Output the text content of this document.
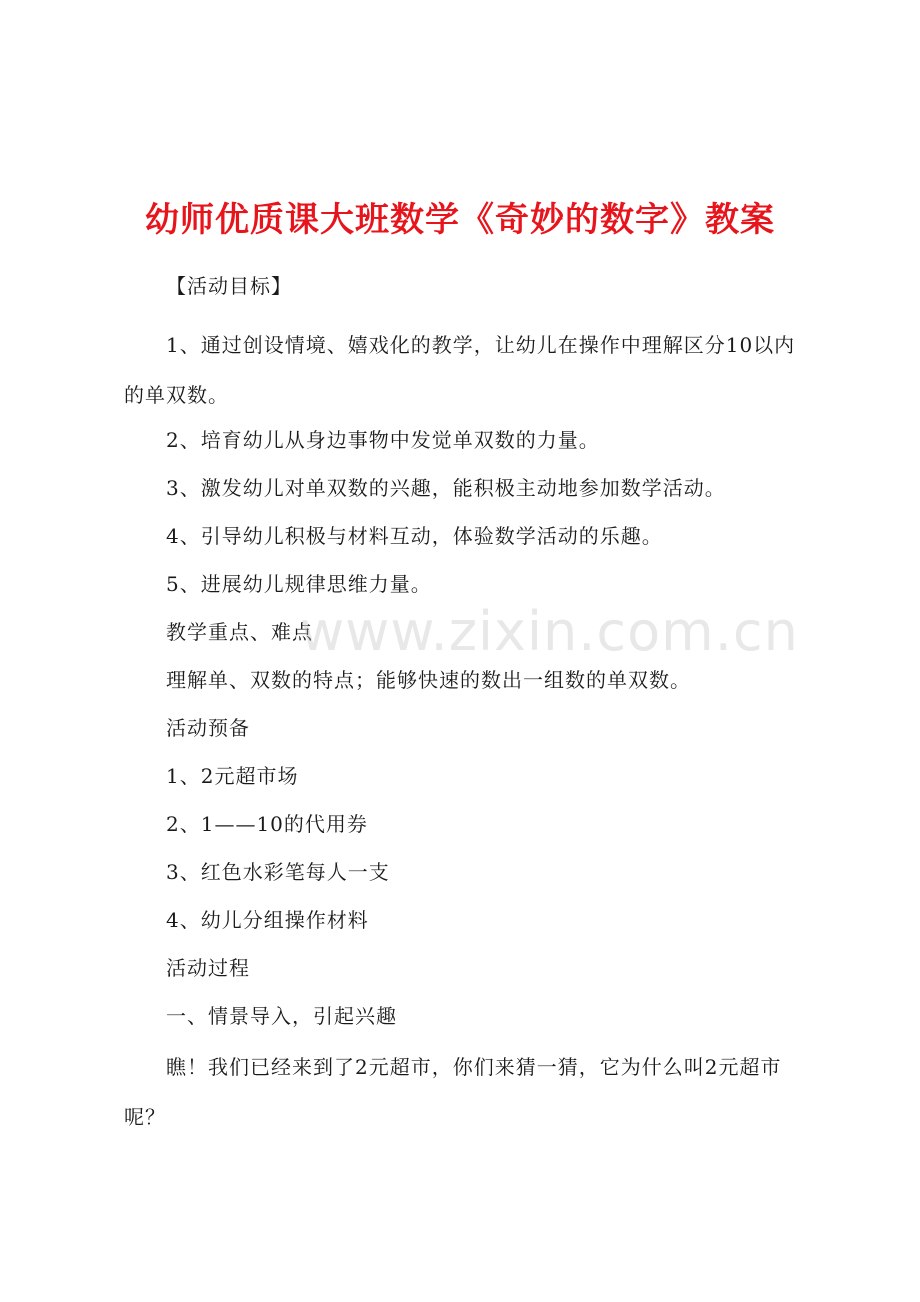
幼师优质课大班数学《奇妙的数字》教案

【活动目标】

1、通过创设情境、嬉戏化的教学，让幼儿在操作中理解区分10以内的单双数。

2、培育幼儿从身边事物中发觉单双数的力量。

3、激发幼儿对单双数的兴趣，能积极主动地参加数学活动。

4、引导幼儿积极与材料互动，体验数学活动的乐趣。

5、进展幼儿规律思维力量。

教学重点、难点

理解单、双数的特点；能够快速的数出一组数的单双数。

活动预备

1、2元超市场

2、1——10的代用券

3、红色水彩笔每人一支

4、幼儿分组操作材料

活动过程

一、情景导入，引起兴趣

瞧！我们已经来到了2元超市，你们来猜一猜，它为什么叫2元超市呢？

www.zixin.com.cn
